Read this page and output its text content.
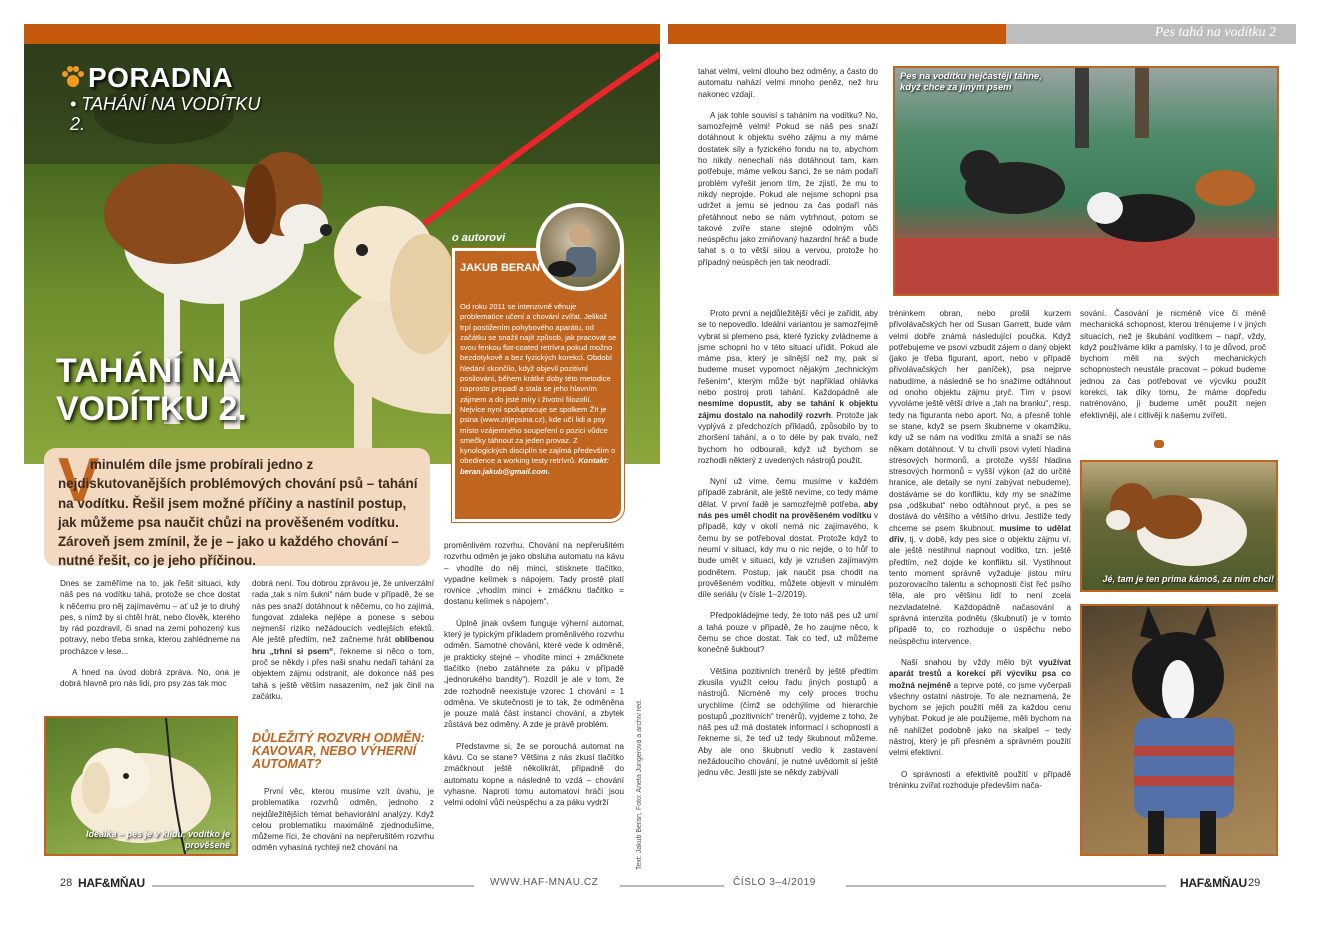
Pes tahá na vodítku 2
PORADNA
• TAHÁNÍ NA VODÍTKU 2.
TAHÁNÍ NA VODÍTKU 2.
o autorovi
JAKUB BERAN
Od roku 2011 se intenzivně věnuje problematice učení a chování zvířat. Jelikož trpí postižením pohybového aparátu, od začátku se snažil najít způsob, jak pracovat se svou fenkou flat-coated retrívra pokud možno bezdotykově a bez fyzických korekcí. Období hledání skončilo, když objevil pozitivní posilování, během krátké doby této metodice naprosto propadl a stala se jeho hlavním zájmem a do jisté míry i životní filozofií. Nejvíce nyní spolupracuje se spolkem Žít je psina (www.zitjepsina.cz), kde učí lidi a psy místo vzájemného soupeření o pozici vůdce smečky táhnout za jeden provaz. Z kynologických disciplín se zajímá především o obedience a working testy retrívrů. Kontakt: beran.jakub@gmail.com.
V
minulém díle jsme probírali jedno z nejdiskutovanějších problémových chování psů – tahání na vodítku. Řešil jsem možné příčiny a nastínil postup, jak můžeme psa naučit chůzi na prověšeném vodítku. Zároveň jsem zmínil, že je – jako u každého chování – nutné řešit, co je jeho příčinou.

Dnes se zaměříme na to, jak řešit situaci, kdy náš pes na vodítku tahá, protože se chce dostat k něčemu pro něj zajímavému – ať už je to druhý pes, s nímž by si chtěl hrát, nebo člověk, kterého by rád pozdravil, či snad na zemi pohozený kus potravy, nebo třeba srnka, kterou zahlédneme na procházce v lese...

A hned na úvod dobrá zpráva. No, ona je dobrá hlavně pro nás lidi, pro psy zas tak moc

Ideálka – pes je v klidu, vodítko je prověšené

dobrá není. Tou dobrou zprávou je, že univerzální rada „tak s ním šukni“ nám bude v případě, že se nás pes snaží dotáhnout k něčemu, co ho zajímá, fungovat zdaleka nejlépe a ponese s sebou nejmenší riziko nežádoucích vedlejších efektů. Ale ještě předtím, než začneme hrát oblíbenou hru „trhni si psem“, řekneme si něco o tom, proč se někdy i přes naši snahu nedaří tahání za objektem zájmu odstranit, ale dokonce náš pes tahá s ještě větším nasazením, než jak činil na začátku.

DŮLEŽITÝ ROZVRH ODMĚN: KAVOVAR, NEBO VÝHERNÍ AUTOMAT?

První věc, kterou musíme vzít úvahu, je problematika rozvrhů odměn, jednoho z nejdůležitějších témat behaviorální analýzy. Když celou problematiku maximálně zjednodušíme, můžeme říci, že chování na nepřerušitém rozvrhu odměn vyhasíná rychleji než chování na

proměnlivém rozvrhu. Chování na nepřerušitém rozvrhu odměn je jako obsluha automatu na kávu – vhodíte do něj minci, stisknete tlačítko, vypadne kelímek s nápojem. Tady prostě platí rovnice „vhodím minci + zmáčknu tlačítko = dostanu kelímek s nápojem“.

Úplně jinak ovšem funguje výherní automat, který je typickým příkladem proměnlivého rozvrhu odměn. Samotné chování, které vede k odměně, je prakticky stejné – vhodíte minci + zmáčknete tlačítko (nebo zatáhnete za páku v případě „jednorukého bandity“). Rozdíl je ale v tom, že zde rozhodně neexistuje vzorec 1 chování = 1 odměna. Ve skutečnosti je to tak, že odměněna je pouze malá část instancí chování, a zbytek zůstává bez odměny. A zde je právě problém.

Představme si, že se porouchá automat na kávu. Co se stane? Většina z nás zkusí tlačítko zmáčknout ještě několikrát, případně do automatu kopne a následně to vzdá – chování vyhasne. Naproti tomu automatovi hráči jsou velmi odolní vůči neúspěchu a za páku vydrží	Text: Jakub Beran, Foto: Aneta Jungerová a archiv red.

tahat velmi, velmi dlouho bez odměny, a často do automatu nahází velmi mnoho peněz, než hru nakonec vzdají.

A jak tohle souvisí s taháním na vodítku? No, samozřejmě velmi! Pokud se náš pes snaží dotáhnout k objektu svého zájmu a my máme dostatek síly a fyzického fondu na to, abychom ho nikdy nenechali nás dotáhnout tam, kam potřebuje, máme velkou šanci, že se nám podaří problém vyřešit jenom tím, že zjistí, že mu to nikdy neprojde. Pokud ale nejsme schopni psa udržet a jemu se jednou za čas podaří nás přetáhnout nebo se nám vytrhnout, potom se takové zvíře stane stejně odolným vůči neúspěchu jako zmiňovaný hazardní hráč a bude tahat s o to větší silou a vervou, protože ho případný neúspěch jen tak neodradí.

Proto první a nejdůležitější věcí je zařídit, aby se to nepovedlo. Ideální variantou je samozřejmě vybrat si plemeno psa, které fyzicky zvládneme a jsme schopni ho v této situaci uřídit. Pokud ale máme psa, který je silnější než my, pak si budeme muset vypomoct nějakým „technickým řešením“, kterým může být například ohlávka nebo postroj proti tahání. Každopádně ale nesmíme dopustit, aby se tahání k objektu zájmu dostalo na nahodilý rozvrh. Protože jak vyplývá z předchozích příkladů, způsobilo by to zhoršení tahání, a o to déle by pak trvalo, než bychom ho odbourali, když už bychom se rozhodli některý z uvedených nástrojů použít.

Nyní už víme, čemu musíme v každém případě zabránit, ale ještě nevíme, co tedy máme dělat. V první řadě je samozřejmě potřeba, aby nás pes uměl chodit na prověšeném vodítku v případě, kdy v okolí nemá nic zajímavého, k čemu by se potřeboval dostat. Protože když to neumí v situaci, kdy mu o nic nejde, o to hůř to bude umět v situaci, kdy je vzrušen zajímavým podnětem. Postup, jak naučit psa chodit na prověšeném vodítku, můžete objevit v minulém díle seriálu (v čísle 1–2/2019).

Předpokládejme tedy, že toto náš pes už umí a tahá pouze v případě, že ho zaujme něco, k čemu se chce dostat. Tak co teď, už můžeme konečně šukbout?

Většina pozitivních trenérů by ještě předtím zkusila využít celou řadu jiných postupů a nástrojů. Nicméně my celý proces trochu urychlíme (čímž se odchýlíme od hierarchie postupů „pozitivních“ trenérů), vyjdeme z toho, že náš pes už má dostatek informací i schopností a řekneme si, že teď už tedy škubnout můžeme. Aby ale ono škubnutí vedlo k zastavení nežádoucího chování, je nutné uvědomit si ještě jednu věc. Jestli jste se někdy zabývali

Pes na vodítku nejčastěji táhne, když chce za jiným psem

tréninkem obran, nebo prošli kurzem přivolávačských her od Susan Garrett, bude vám velmi dobře známá následující poučka. Když potřebujeme ve psovi vzbudit zájem o daný objekt (jako je třeba figurant, aport, nebo v případě přivolávačských her paníček), psa nejprve nabudíme, a následně se ho snažíme odtáhnout od onoho objektu zájmu pryč. Tím v psovi vyvoláme ještě větší drive a „tah na branku“, resp. tedy na figuranta nebo aport. No, a přesně tohle se stane, když se psem škubneme v okamžiku, kdy už se nám na vodítku zmítá a snaží se nás někam dotáhnout. V tu chvíli psovi vyletí hladina stresových hormonů, a protože vyšší hladina stresových hormonů = vyšší výkon (až do určité hranice, ale detaily se nyní zabývat nebudeme), dostáváme se do konfliktu, kdy my se snažíme psa „odškubat“ nebo odtáhnout pryč, a pes se dostává do většího a většího drivu. Jestliže tedy chceme se psem škubnout, musíme to udělat dřív, tj. v době, kdy pes sice o objektu zájmu ví, ale ještě nestihnul napnout vodítko, tzn. ještě předtím, než dojde ke konfliktu sil. Vystihnout tento moment správně vyžaduje jistou míru pozorovacího talentu a schopnosti číst řeč psího těla, ale pro většinu lidí to není zcela nezvladatelné. Každopádně načasování a správná intenzita podnětu (škubnutí) je v tomto případě to, co rozhoduje o úspěchu nebo neúspěchu intervence.

Naší snahou by vždy mělo být využívat aparát trestů a korekcí při výcviku psa co možná nejméně a teprve poté, co jsme vyčerpali všechny ostatní nástroje. To ale neznamená, že bychom se jejich použití měli za každou cenu vyhýbat. Pokud je ale použijeme, měli bychom na ně nahlížet podobně jako na skalpel – tedy nástroj, který je při přesném a správném použití velmi efektivní.

O správnosti a efektivitě použití v případě tréninku zvířat rozhoduje především nača-

sování. Časování je nicméně více či méně mechanická schopnost, kterou trénujeme i v jiných situacích, než je škubání vodítkem – např. vždy, když používáme klikr a pamlsky. I to je důvod, proč bychom měli na svých mechanických schopnostech neustále pracovat – pokud budeme jednou za čas potřebovat ve výcviku použít korekci, tak díky tomu, že máme dopředu natrénováno, ji budeme umět použít nejen efektivněji, ale i citlivěji k našemu zvířeti.

Jé, tam je ten prima kámoš, za ním chci!
28 HAF&MŇAU	WWW.HAF-MNAU.CZ	ČÍSLO 3–4/2019	HAF&MŇAU 29
